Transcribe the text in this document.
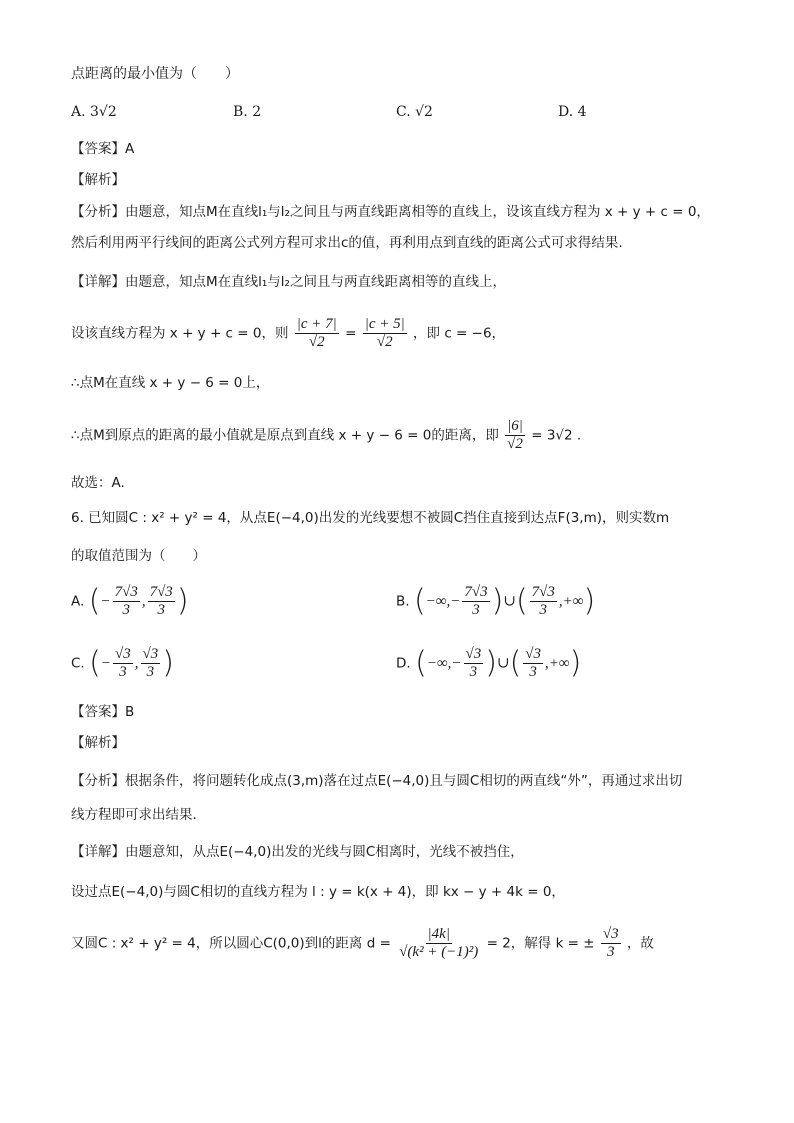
点距离的最小值为（　　）
A. 3√2	B. 2	C. √2	D. 4
【答案】A
【解析】
【分析】由题意，知点M在直线l₁与l₂之间且与两直线距离相等的直线上，设该直线方程为 x + y + c = 0，
然后利用两平行线间的距离公式列方程可求出c的值，再利用点到直线的距离公式可求得结果.
【详解】由题意，知点M在直线l₁与l₂之间且与两直线距离相等的直线上，
设该直线方程为 x + y + c = 0，则 $\frac{|c + 7|}{√2} = \frac{|c + 5|}{√2}$ ，即 c = −6，
∴点M在直线 x + y − 6 = 0上，
∴点M到原点的距离的最小值就是原点到直线 x + y − 6 = 0的距离，即 $\frac{|6|}{√2} = 3√2$ .
故选：A.
6. 已知圆C : x² + y² = 4，从点E(−4,0)出发的光线要想不被圆C挡住直接到达点F(3,m)，则实数m
的取值范围为（　　）
A. (− $\frac{7√3}{3}$ , $\frac{7√3}{3}$ )	B. (−∞,− $\frac{7√3}{3}$ )∪( $\frac{7√3}{3}$ ,+∞)
C. (− $\frac{√3}{3}$ , $\frac{√3}{3}$ )	D. (−∞,− $\frac{√3}{3}$ )∪( $\frac{√3}{3}$ ,+∞)
【答案】B
【解析】
【分析】根据条件，将问题转化成点(3,m)落在过点E(−4,0)且与圆C相切的两直线“外”，再通过求出切
线方程即可求出结果.
【详解】由题意知，从点E(−4,0)出发的光线与圆C相离时，光线不被挡住，
设过点E(−4,0)与圆C相切的直线方程为 l : y = k(x + 4)，即 kx − y + 4k = 0，
又圆C : x² + y² = 4，所以圆心C(0,0)到l的距离 $d = \frac{|4k|}{\text{√(k² + (−1)²)}} = 2$，解得 k = ± $\frac{√3}{3}$ ，故
